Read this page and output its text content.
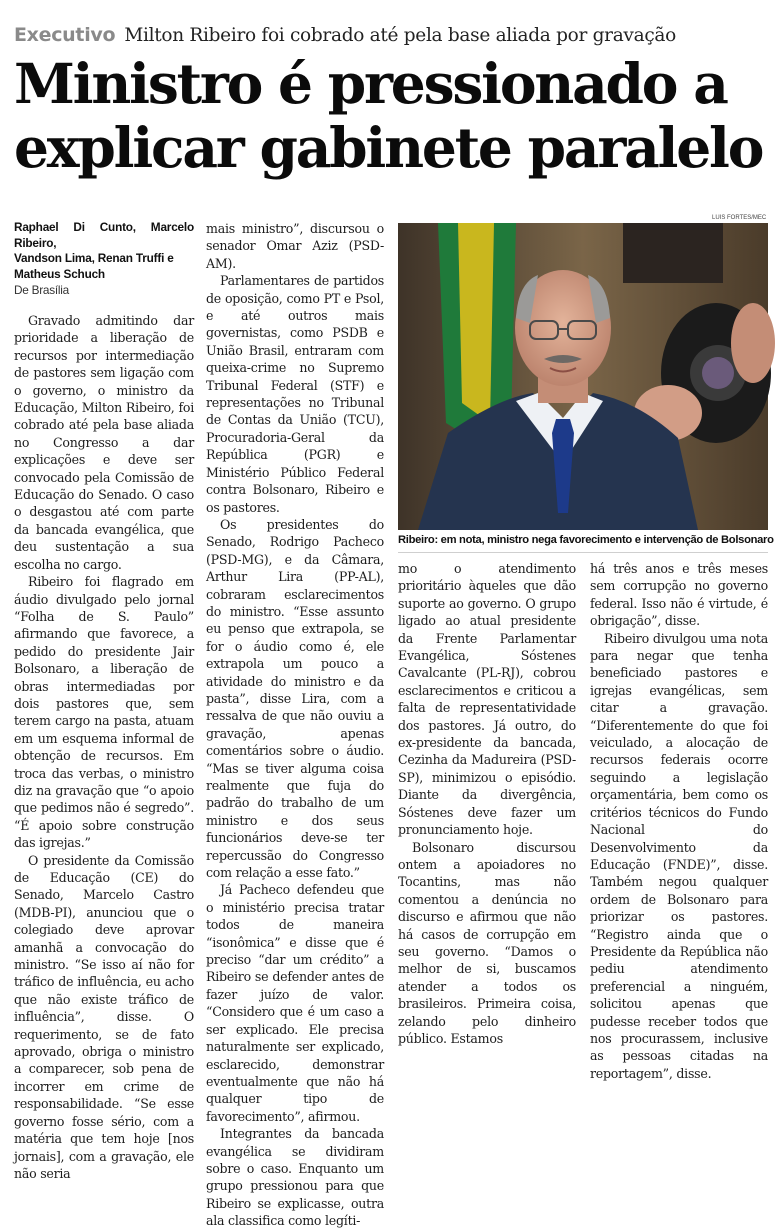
Executivo Milton Ribeiro foi cobrado até pela base aliada por gravação
Ministro é pressionado a
explicar gabinete paralelo
Raphael Di Cunto, Marcelo Ribeiro,
Vandson Lima, Renan Truffi e
Matheus Schuch
De Brasília

Gravado admitindo dar prioridade a liberação de recursos por intermediação de pastores sem ligação com o governo, o ministro da Educação, Milton Ribeiro, foi cobrado até pela base aliada no Congresso a dar explicações e deve ser convocado pela Comissão de Educação do Senado. O caso o desgastou até com parte da bancada evangélica, que deu sustentação a sua escolha no cargo.

Ribeiro foi flagrado em áudio divulgado pelo jornal “Folha de S. Paulo” afirmando que favorece, a pedido do presidente Jair Bolsonaro, a liberação de obras intermediadas por dois pastores que, sem terem cargo na pasta, atuam em um esquema informal de obtenção de recursos. Em troca das verbas, o ministro diz na gravação que “o apoio que pedimos não é segredo”. “É apoio sobre construção das igrejas.”

O presidente da Comissão de Educação (CE) do Senado, Marcelo Castro (MDB-PI), anunciou que o colegiado deve aprovar amanhã a convocação do ministro. “Se isso aí não for tráfico de influência, eu acho que não existe tráfico de influência”, disse. O requerimento, se de fato aprovado, obriga o ministro a comparecer, sob pena de incorrer em crime de responsabilidade. “Se esse governo fosse sério, com a matéria que tem hoje [nos jornais], com a gravação, ele não seria

mais ministro”, discursou o senador Omar Aziz (PSD-AM).

Parlamentares de partidos de oposição, como PT e Psol, e até outros mais governistas, como PSDB e União Brasil, entraram com queixa-crime no Supremo Tribunal Federal (STF) e representações no Tribunal de Contas da União (TCU), Procuradoria-Geral da República (PGR) e Ministério Público Federal contra Bolsonaro, Ribeiro e os pastores.

Os presidentes do Senado, Rodrigo Pacheco (PSD-MG), e da Câmara, Arthur Lira (PP-AL), cobraram esclarecimentos do ministro. “Esse assunto eu penso que extrapola, se for o áudio como é, ele extrapola um pouco a atividade do ministro e da pasta”, disse Lira, com a ressalva de que não ouviu a gravação, apenas comentários sobre o áudio. “Mas se tiver alguma coisa realmente que fuja do padrão do trabalho de um ministro e dos seus funcionários deve-se ter repercussão do Congresso com relação a esse fato.”

Já Pacheco defendeu que o ministério precisa tratar todos de maneira “isonômica” e disse que é preciso “dar um crédito” a Ribeiro se defender antes de fazer juízo de valor. “Considero que é um caso a ser explicado. Ele precisa naturalmente ser explicado, esclarecido, demonstrar eventualmente que não há qualquer tipo de favorecimento”, afirmou.

Integrantes da bancada evangélica se dividiram sobre o caso. Enquanto um grupo pressionou para que Ribeiro se explicasse, outra ala classifica como legíti-

LUIS FORTES/MEC
Ribeiro: em nota, ministro nega favorecimento e intervenção de Bolsonaro

mo o atendimento prioritário àqueles que dão suporte ao governo. O grupo ligado ao atual presidente da Frente Parlamentar Evangélica, Sóstenes Cavalcante (PL-RJ), cobrou esclarecimentos e criticou a falta de representatividade dos pastores. Já outro, do ex-presidente da bancada, Cezinha da Madureira (PSD-SP), minimizou o episódio. Diante da divergência, Sóstenes deve fazer um pronunciamento hoje.

Bolsonaro discursou ontem a apoiadores no Tocantins, mas não comentou a denúncia no discurso e afirmou que não há casos de corrupção em seu governo. “Damos o melhor de si, buscamos atender a todos os brasileiros. Primeira coisa, zelando pelo dinheiro público. Estamos

há três anos e três meses sem corrupção no governo federal. Isso não é virtude, é obrigação”, disse.

Ribeiro divulgou uma nota para negar que tenha beneficiado pastores e igrejas evangélicas, sem citar a gravação. “Diferentemente do que foi veiculado, a alocação de recursos federais ocorre seguindo a legislação orçamentária, bem como os critérios técnicos do Fundo Nacional do Desenvolvimento da Educação (FNDE)”, disse. Também negou qualquer ordem de Bolsonaro para priorizar os pastores. “Registro ainda que o Presidente da República não pediu atendimento preferencial a ninguém, solicitou apenas que pudesse receber todos que nos procurassem, inclusive as pessoas citadas na reportagem”, disse.
